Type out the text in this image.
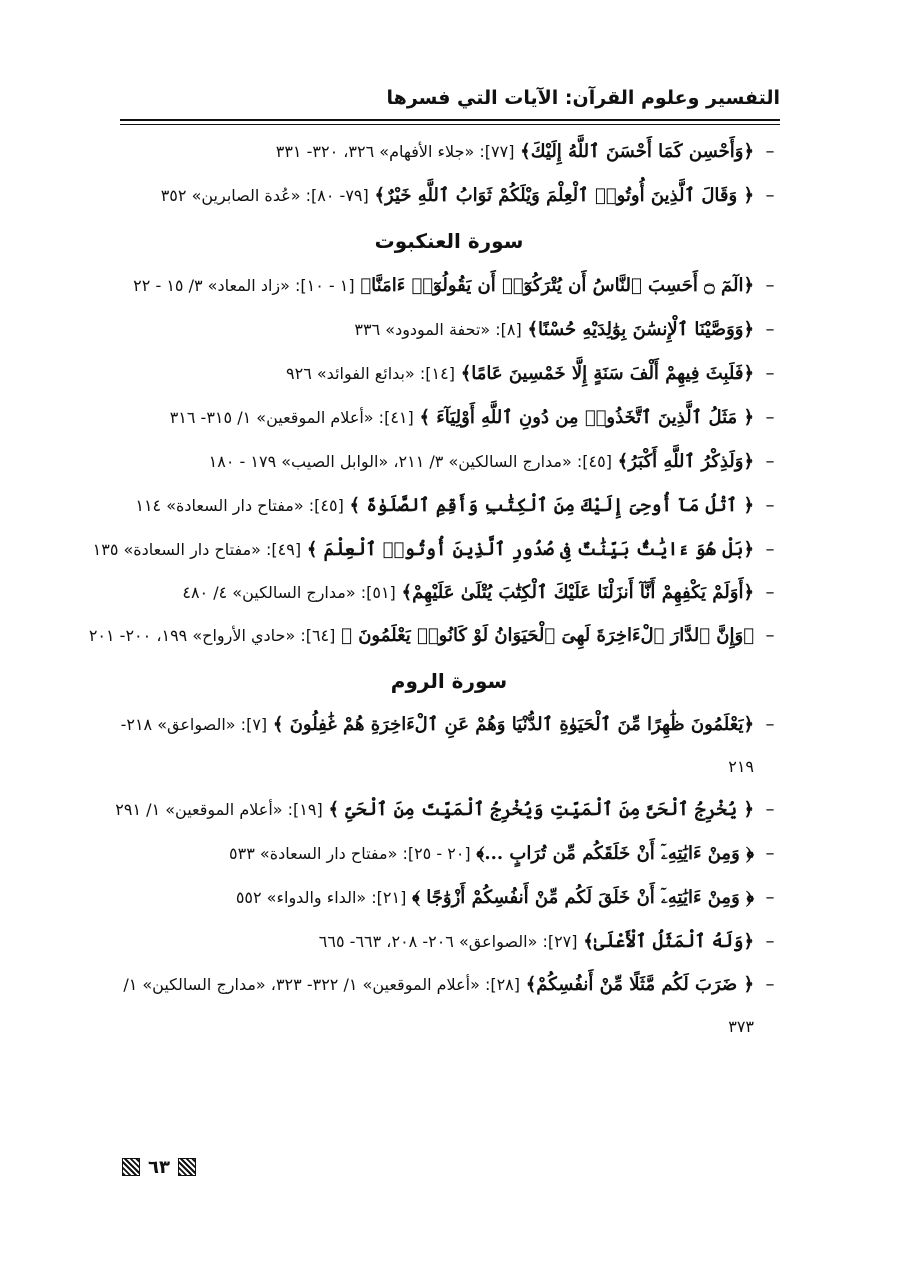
التفسير وعلوم القرآن: الآيات التي فسرها
–
﴿وَأَحْسِن كَمَا أَحْسَنَ ٱللَّهُ إِلَيْكَ﴾ [٧٧]: «جلاء الأفهام» ٣٢٦، ٣٢٠- ٣٣١
–
﴿ وَقَالَ ٱلَّذِينَ أُوتُوا۟ ٱلْعِلْمَ وَيْلَكُمْ ثَوَابُ ٱللَّهِ خَيْرٌ﴾ [٧٩- ٨٠]: «عُدة الصابرين» ٣٥٢
سورة العنكبوت
–
﴿الٓمٓ ۝ أَحَسِبَ ٱلنَّاسُ أَن يُتْرَكُوٓا۟ أَن يَقُولُوٓا۟ ءَامَنَّا﴾ [١ - ١٠]: «زاد المعاد» ٣/ ١٥ - ٢٢
–
﴿وَوَصَّيْنَا ٱلْإِنسَٰنَ بِوَٰلِدَيْهِ حُسْنًا﴾ [٨]: «تحفة المودود» ٣٣٦
–
﴿فَلَبِثَ فِيهِمْ أَلْفَ سَنَةٍ إِلَّا خَمْسِينَ عَامًا﴾ [١٤]: «بدائع الفوائد» ٩٢٦
–
﴿ مَثَلُ ٱلَّذِينَ ٱتَّخَذُوا۟ مِن دُونِ ٱللَّهِ أَوْلِيَآءَ ﴾ [٤١]: «أعلام الموقعين» ١/ ٣١٥- ٣١٦
–
﴿وَلَذِكْرُ ٱللَّهِ أَكْبَرُ﴾ [٤٥]: «مدارج السالكين» ٣/ ٢١١، «الوابل الصيب» ١٧٩ - ١٨٠
–
﴿ ٱتْلُ مَآ أُوحِىَ إِلَيْكَ مِنَ ٱلْكِتَٰبِ وَأَقِمِ ٱلصَّلَوٰةَ ﴾ [٤٥]: «مفتاح دار السعادة» ١١٤
–
﴿بَلْ هُوَ ءَايَٰتٌۢ بَيِّنَٰتٌ فِى صُدُورِ ٱلَّذِينَ أُوتُوا۟ ٱلْعِلْمَ ﴾ [٤٩]: «مفتاح دار السعادة» ١٣٥
–
﴿أَوَلَمْ يَكْفِهِمْ أَنَّآ أَنزَلْنَا عَلَيْكَ ٱلْكِتَٰبَ يُتْلَىٰ عَلَيْهِمْ﴾ [٥١]: «مدارج السالكين» ٤/ ٤٨٠
–
﴿وَإِنَّ ٱلدَّارَ ٱلْءَاخِرَةَ لَهِىَ ٱلْحَيَوَانُ لَوْ كَانُوا۟ يَعْلَمُونَ ﴾ [٦٤]: «حادي الأرواح» ١٩٩، ٢٠٠- ٢٠١
سورة الروم
–
﴿يَعْلَمُونَ ظَٰهِرًا مِّنَ ٱلْحَيَوٰةِ ٱلدُّنْيَا وَهُمْ عَنِ ٱلْءَاخِرَةِ هُمْ غَٰفِلُونَ ﴾ [٧]: «الصواعق» ٢١٨- ٢١٩
–
﴿ يُخْرِجُ ٱلْحَىَّ مِنَ ٱلْمَيِّتِ وَيُخْرِجُ ٱلْمَيِّتَ مِنَ ٱلْحَىِّ ﴾ [١٩]: «أعلام الموقعين» ١/ ٢٩١
–
﴿ وَمِنْ ءَايَٰتِهِۦٓ أَنْ خَلَقَكُم مِّن تُرَابٍ ...﴾ [٢٠ - ٢٥]: «مفتاح دار السعادة» ٥٣٣
–
﴿ وَمِنْ ءَايَٰتِهِۦٓ أَنْ خَلَقَ لَكُم مِّنْ أَنفُسِكُمْ أَزْوَٰجًا ﴾ [٢١]: «الداء والدواء» ٥٥٢
–
﴿وَلَهُ ٱلْمَثَلُ ٱلْأَعْلَىٰ﴾ [٢٧]: «الصواعق» ٢٠٦- ٢٠٨، ٦٦٣- ٦٦٥
–
﴿ ضَرَبَ لَكُم مَّثَلًا مِّنْ أَنفُسِكُمْ﴾ [٢٨]: «أعلام الموقعين» ١/ ٣٢٢- ٣٢٣، «مدارج السالكين» ١/ ٣٧٣
٦٣
